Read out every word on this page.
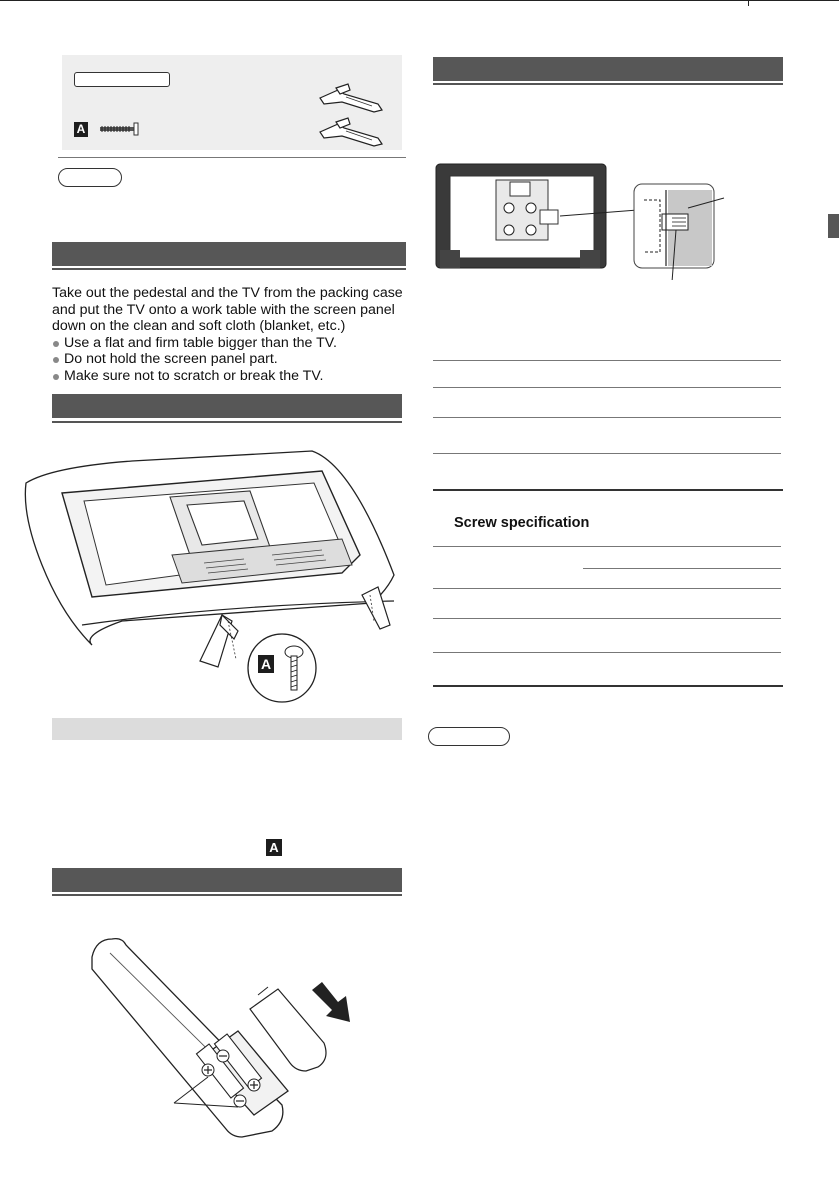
A

Take out the pedestal and the TV from the packing case

and put the TV onto a work table with the screen panel

down on the clean and soft cloth (blanket, etc.)

Use a flat and firm table bigger than the TV.

Do not hold the screen panel part.

Make sure not to scratch or break the TV.

A
A
Screw specification
